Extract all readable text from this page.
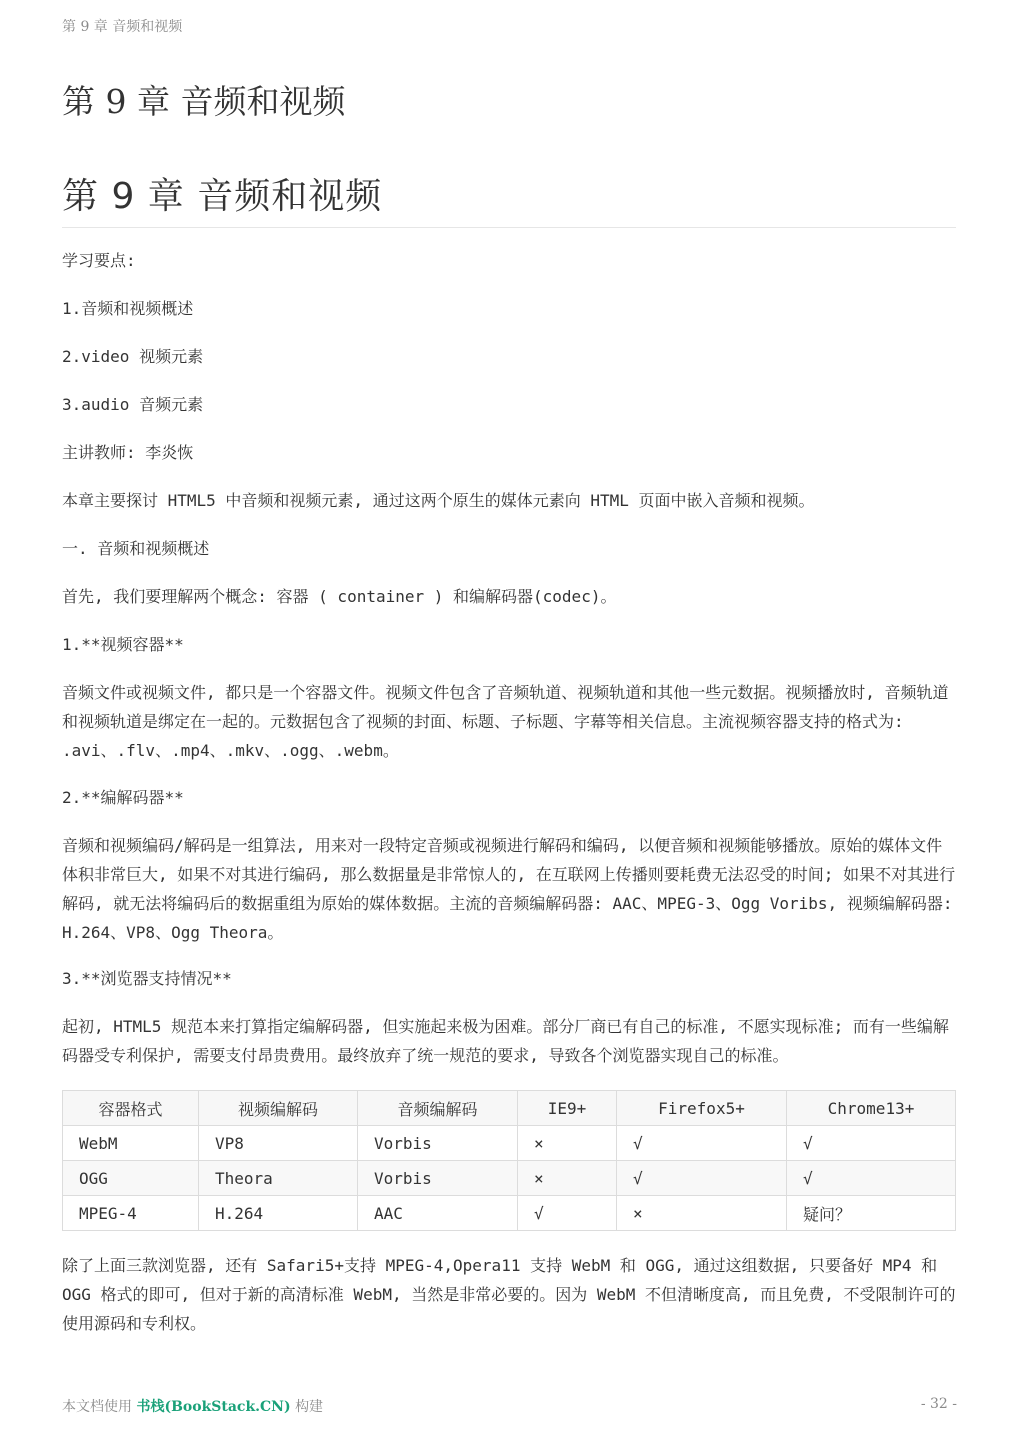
第 9 章 音频和视频
第 9 章 音频和视频
第 9 章 音频和视频

学习要点:

1.音频和视频概述

2.video 视频元素

3.audio 音频元素

主讲教师: 李炎恢

本章主要探讨 HTML5 中音频和视频元素, 通过这两个原生的媒体元素向 HTML 页面中嵌入音频和视频。

一. 音频和视频概述

首先, 我们要理解两个概念: 容器 ( container ) 和编解码器(codec)。

1.**视频容器**

音频文件或视频文件, 都只是一个容器文件。视频文件包含了音频轨道、视频轨道和其他一些元数据。视频播放时, 音频轨道和视频轨道是绑定在一起的。元数据包含了视频的封面、标题、子标题、字幕等相关信息。主流视频容器支持的格式为: .avi、.flv、.mp4、.mkv、.ogg、.webm。

2.**编解码器**

音频和视频编码/解码是一组算法, 用来对一段特定音频或视频进行解码和编码, 以便音频和视频能够播放。原始的媒体文件体积非常巨大, 如果不对其进行编码, 那么数据量是非常惊人的, 在互联网上传播则要耗费无法忍受的时间; 如果不对其进行解码, 就无法将编码后的数据重组为原始的媒体数据。主流的音频编解码器: AAC、MPEG-3、Ogg Voribs, 视频编解码器: H.264、VP8、Ogg Theora。

3.**浏览器支持情况**

起初, HTML5 规范本来打算指定编解码器, 但实施起来极为困难。部分厂商已有自己的标准, 不愿实现标准; 而有一些编解码器受专利保护, 需要支付昂贵费用。最终放弃了统一规范的要求, 导致各个浏览器实现自己的标准。

容器格式	视频编解码	音频编解码	IE9+	Firefox5+	Chrome13+
WebM	VP8	Vorbis	×	√	√
OGG	Theora	Vorbis	×	√	√
MPEG-4	H.264	AAC	√	×	疑问？

除了上面三款浏览器, 还有 Safari5+支持 MPEG-4,Opera11 支持 WebM 和 OGG, 通过这组数据, 只要备好 MP4 和 OGG 格式的即可, 但对于新的高清标准 WebM, 当然是非常必要的。因为 WebM 不但清晰度高, 而且免费, 不受限制许可的使用源码和专利权。

本文档使用 书栈(BookStack.CN) 构建	- 32 -
